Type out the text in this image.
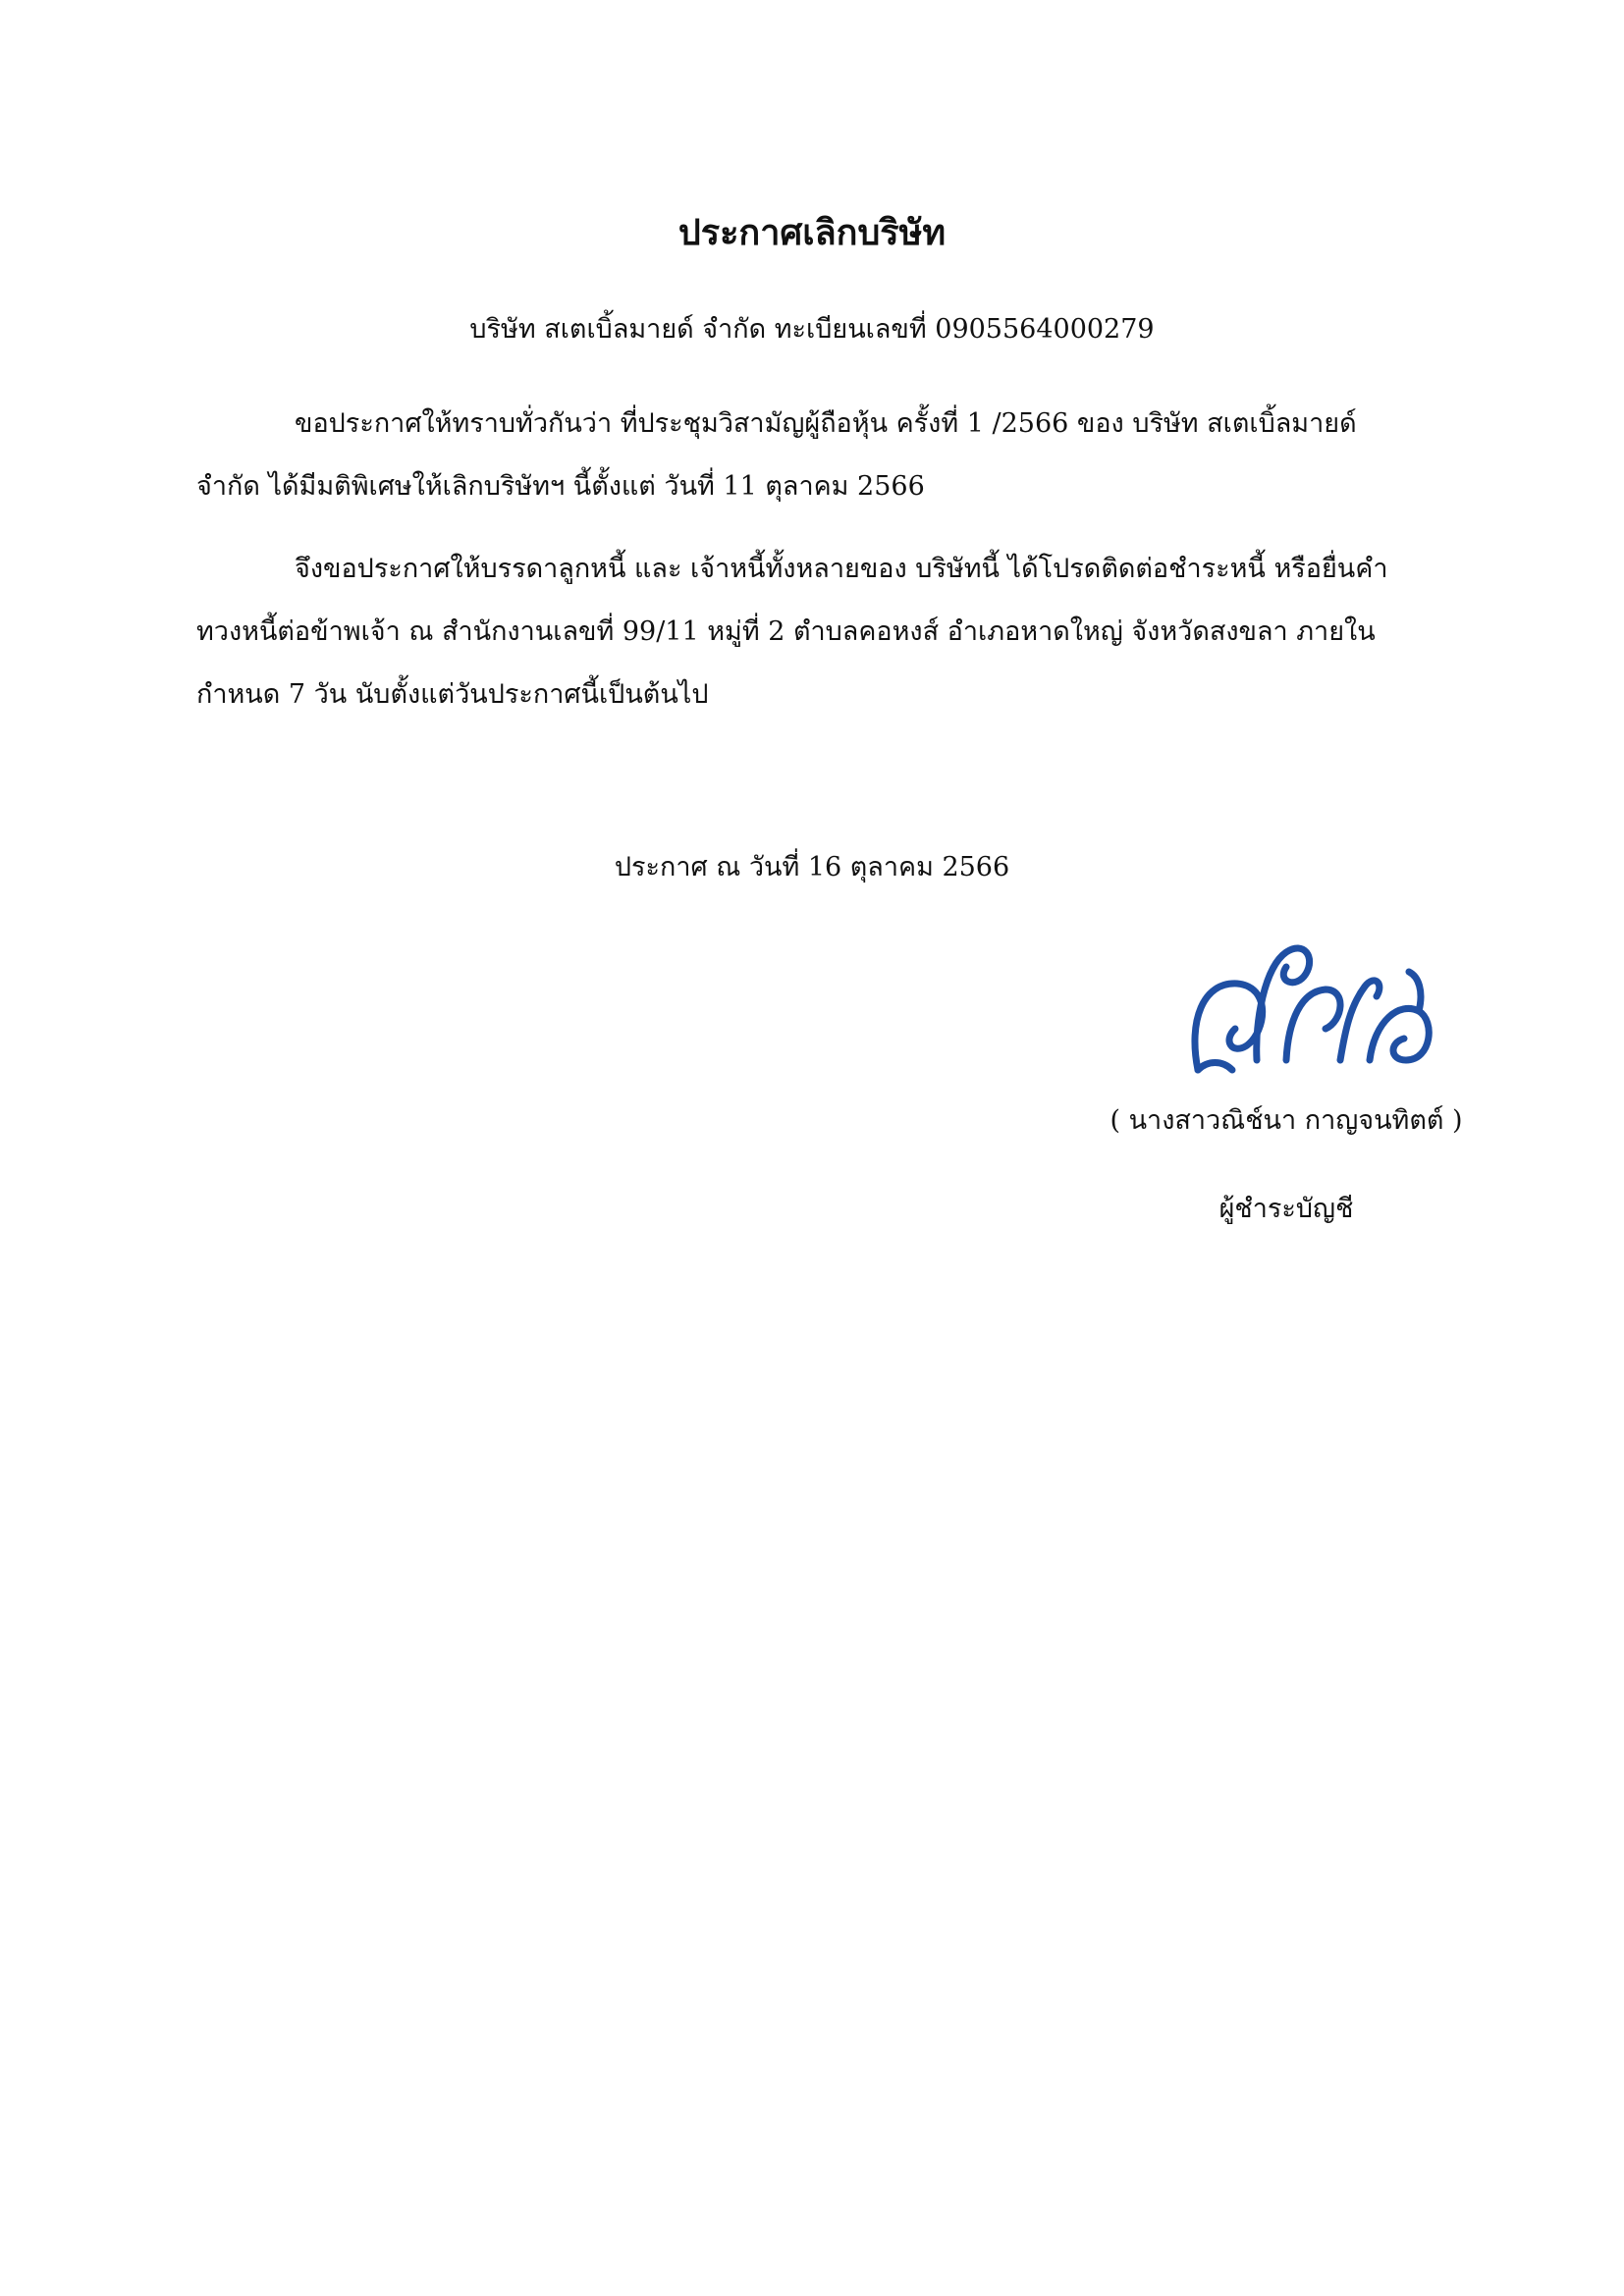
ประกาศเลิกบริษัท
บริษัท สเตเบิ้ลมายด์ จำกัด ทะเบียนเลขที่ 0905564000279

ขอประกาศให้ทราบทั่วกันว่า ที่ประชุมวิสามัญผู้ถือหุ้น ครั้งที่ 1 /2566 ของ บริษัท สเตเบิ้ลมายด์ จำกัด ได้มีมติพิเศษให้เลิกบริษัทฯ นี้ตั้งแต่ วันที่ 11 ตุลาคม 2566

จึงขอประกาศให้บรรดาลูกหนี้ และ เจ้าหนี้ทั้งหลายของ บริษัทนี้ ได้โปรดติดต่อชำระหนี้ หรือยื่นคำทวงหนี้ต่อข้าพเจ้า ณ สำนักงานเลขที่ 99/11 หมู่ที่ 2 ตำบลคอหงส์ อำเภอหาดใหญ่ จังหวัดสงขลา ภายในกำหนด 7 วัน นับตั้งแต่วันประกาศนี้เป็นต้นไป

ประกาศ ณ วันที่ 16 ตุลาคม 2566
( นางสาวณิช์นา กาญจนทิตต์ )
ผู้ชำระบัญชี
